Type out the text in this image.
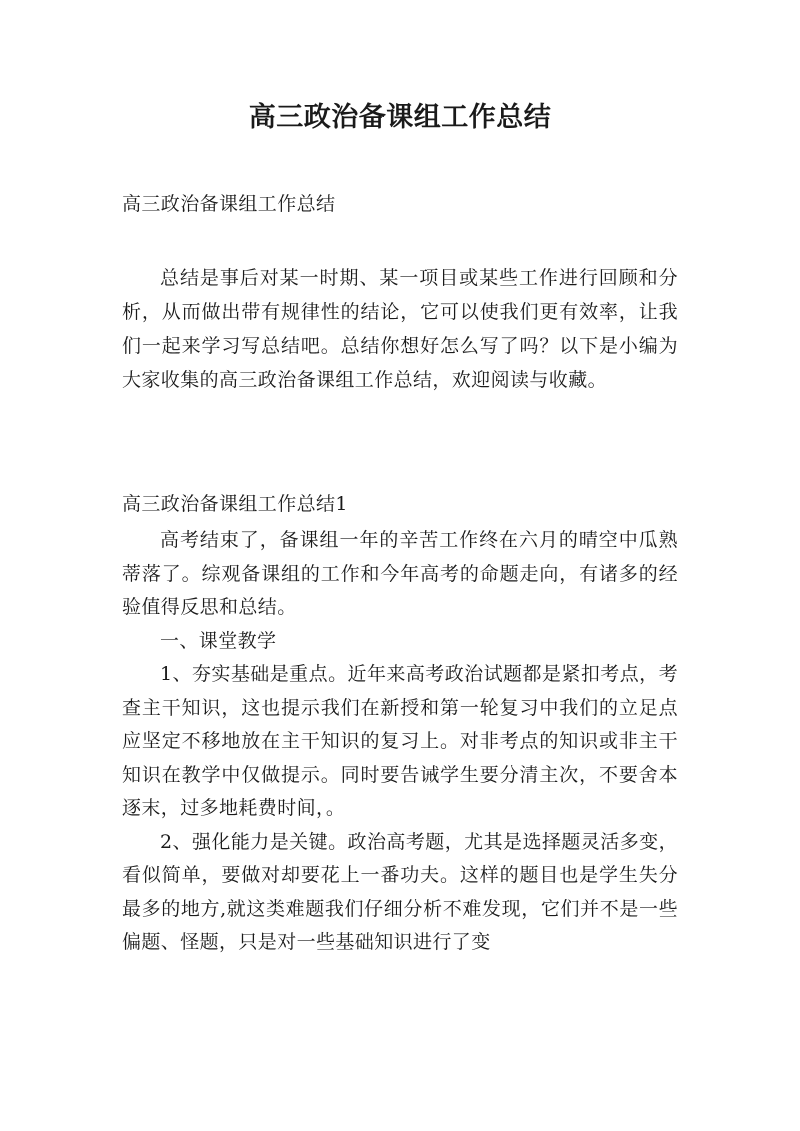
高三政治备课组工作总结
高三政治备课组工作总结

总结是事后对某一时期、某一项目或某些工作进行回顾和分析，从而做出带有规律性的结论，它可以使我们更有效率，让我们一起来学习写总结吧。总结你想好怎么写了吗？以下是小编为大家收集的高三政治备课组工作总结，欢迎阅读与收藏。

高三政治备课组工作总结1

高考结束了，备课组一年的辛苦工作终在六月的晴空中瓜熟蒂落了。综观备课组的工作和今年高考的命题走向，有诸多的经验值得反思和总结。

一、课堂教学

1、夯实基础是重点。近年来高考政治试题都是紧扣考点，考查主干知识，这也提示我们在新授和第一轮复习中我们的立足点应坚定不移地放在主干知识的复习上。对非考点的知识或非主干知识在教学中仅做提示。同时要告诫学生要分清主次，不要舍本逐末，过多地耗费时间，。

2、强化能力是关键。政治高考题，尤其是选择题灵活多变，看似简单，要做对却要花上一番功夫。这样的题目也是学生失分最多的地方,就这类难题我们仔细分析不难发现，它们并不是一些偏题、怪题，只是对一些基础知识进行了变
